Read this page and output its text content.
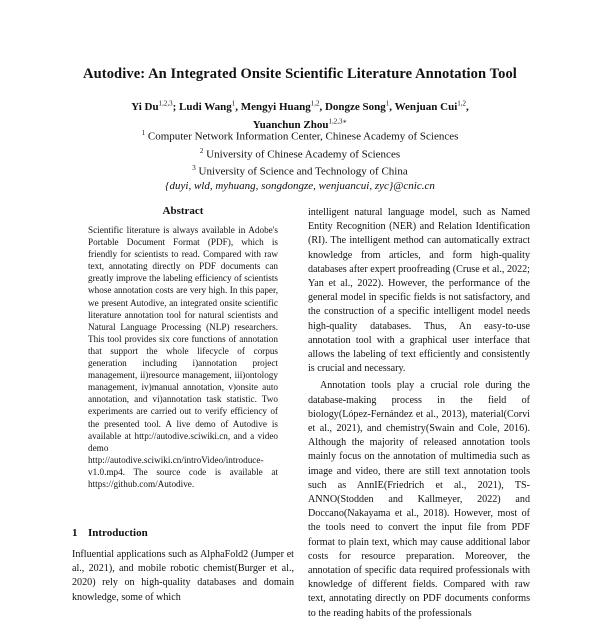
Autodive: An Integrated Onsite Scientific Literature Annotation Tool
Yi Du$^{1,2,3}$; Ludi Wang$^1$, Mengyi Huang$^{1,2}$, Dongze Song$^1$, Wenjuan Cui$^{1,2}$,
Yuanchun Zhou$^{1,2,3∗}$
$^1$ Computer Network Information Center, Chinese Academy of Sciences
$^2$ University of Chinese Academy of Sciences
$^3$ University of Science and Technology of China
{duyi, wld, myhuang, songdongze, wenjuancui, zyc}@cnic.cn
Abstract
Scientific literature is always available in Adobe's Portable Document Format (PDF), which is friendly for scientists to read. Compared with raw text, annotating directly on PDF documents can greatly improve the labeling efficiency of scientists whose annotation costs are very high. In this paper, we present Autodive, an integrated onsite scientific literature annotation tool for natural scientists and Natural Language Processing (NLP) researchers. This tool provides six core functions of annotation that support the whole lifecycle of corpus generation including i)annotation project management, ii)resource management, iii)ontology management, iv)manual annotation, v)onsite auto annotation, and vi)annotation task statistic. Two experiments are carried out to verify efficiency of the presented tool. A live demo of Autodive is available at http://autodive.sciwiki.cn, and a video demo http://autodive.sciwiki.cn/introVideo/introduce-v1.0.mp4. The source code is available at https://github.com/Autodive.
1 Introduction
Influential applications such as AlphaFold2 (Jumper et al., 2021), and mobile robotic chemist(Burger et al., 2020) rely on high-quality databases and domain knowledge, some of which

intelligent natural language model, such as Named Entity Recognition (NER) and Relation Identification (RI). The intelligent method can automatically extract knowledge from articles, and form high-quality databases after expert proofreading (Cruse et al., 2022; Yan et al., 2022). However, the performance of the general model in specific fields is not satisfactory, and the construction of a specific intelligent model needs high-quality databases. Thus, An easy-to-use annotation tool with a graphical user interface that allows the labeling of text efficiently and consistently is crucial and necessary.

Annotation tools play a crucial role during the database-making process in the field of biology(López-Fernández et al., 2013), material(Corvi et al., 2021), and chemistry(Swain and Cole, 2016). Although the majority of released annotation tools mainly focus on the annotation of multimedia such as image and video, there are still text annotation tools such as AnnIE(Friedrich et al., 2021), TS-ANNO(Stodden and Kallmeyer, 2022) and Doccano(Nakayama et al., 2018). However, most of the tools need to convert the input file from PDF format to plain text, which may cause additional labor costs for resource preparation. Moreover, the annotation of specific data required professionals with knowledge of different fields. Compared with raw text, annotating directly on PDF documents conforms to the reading habits of the professionals
